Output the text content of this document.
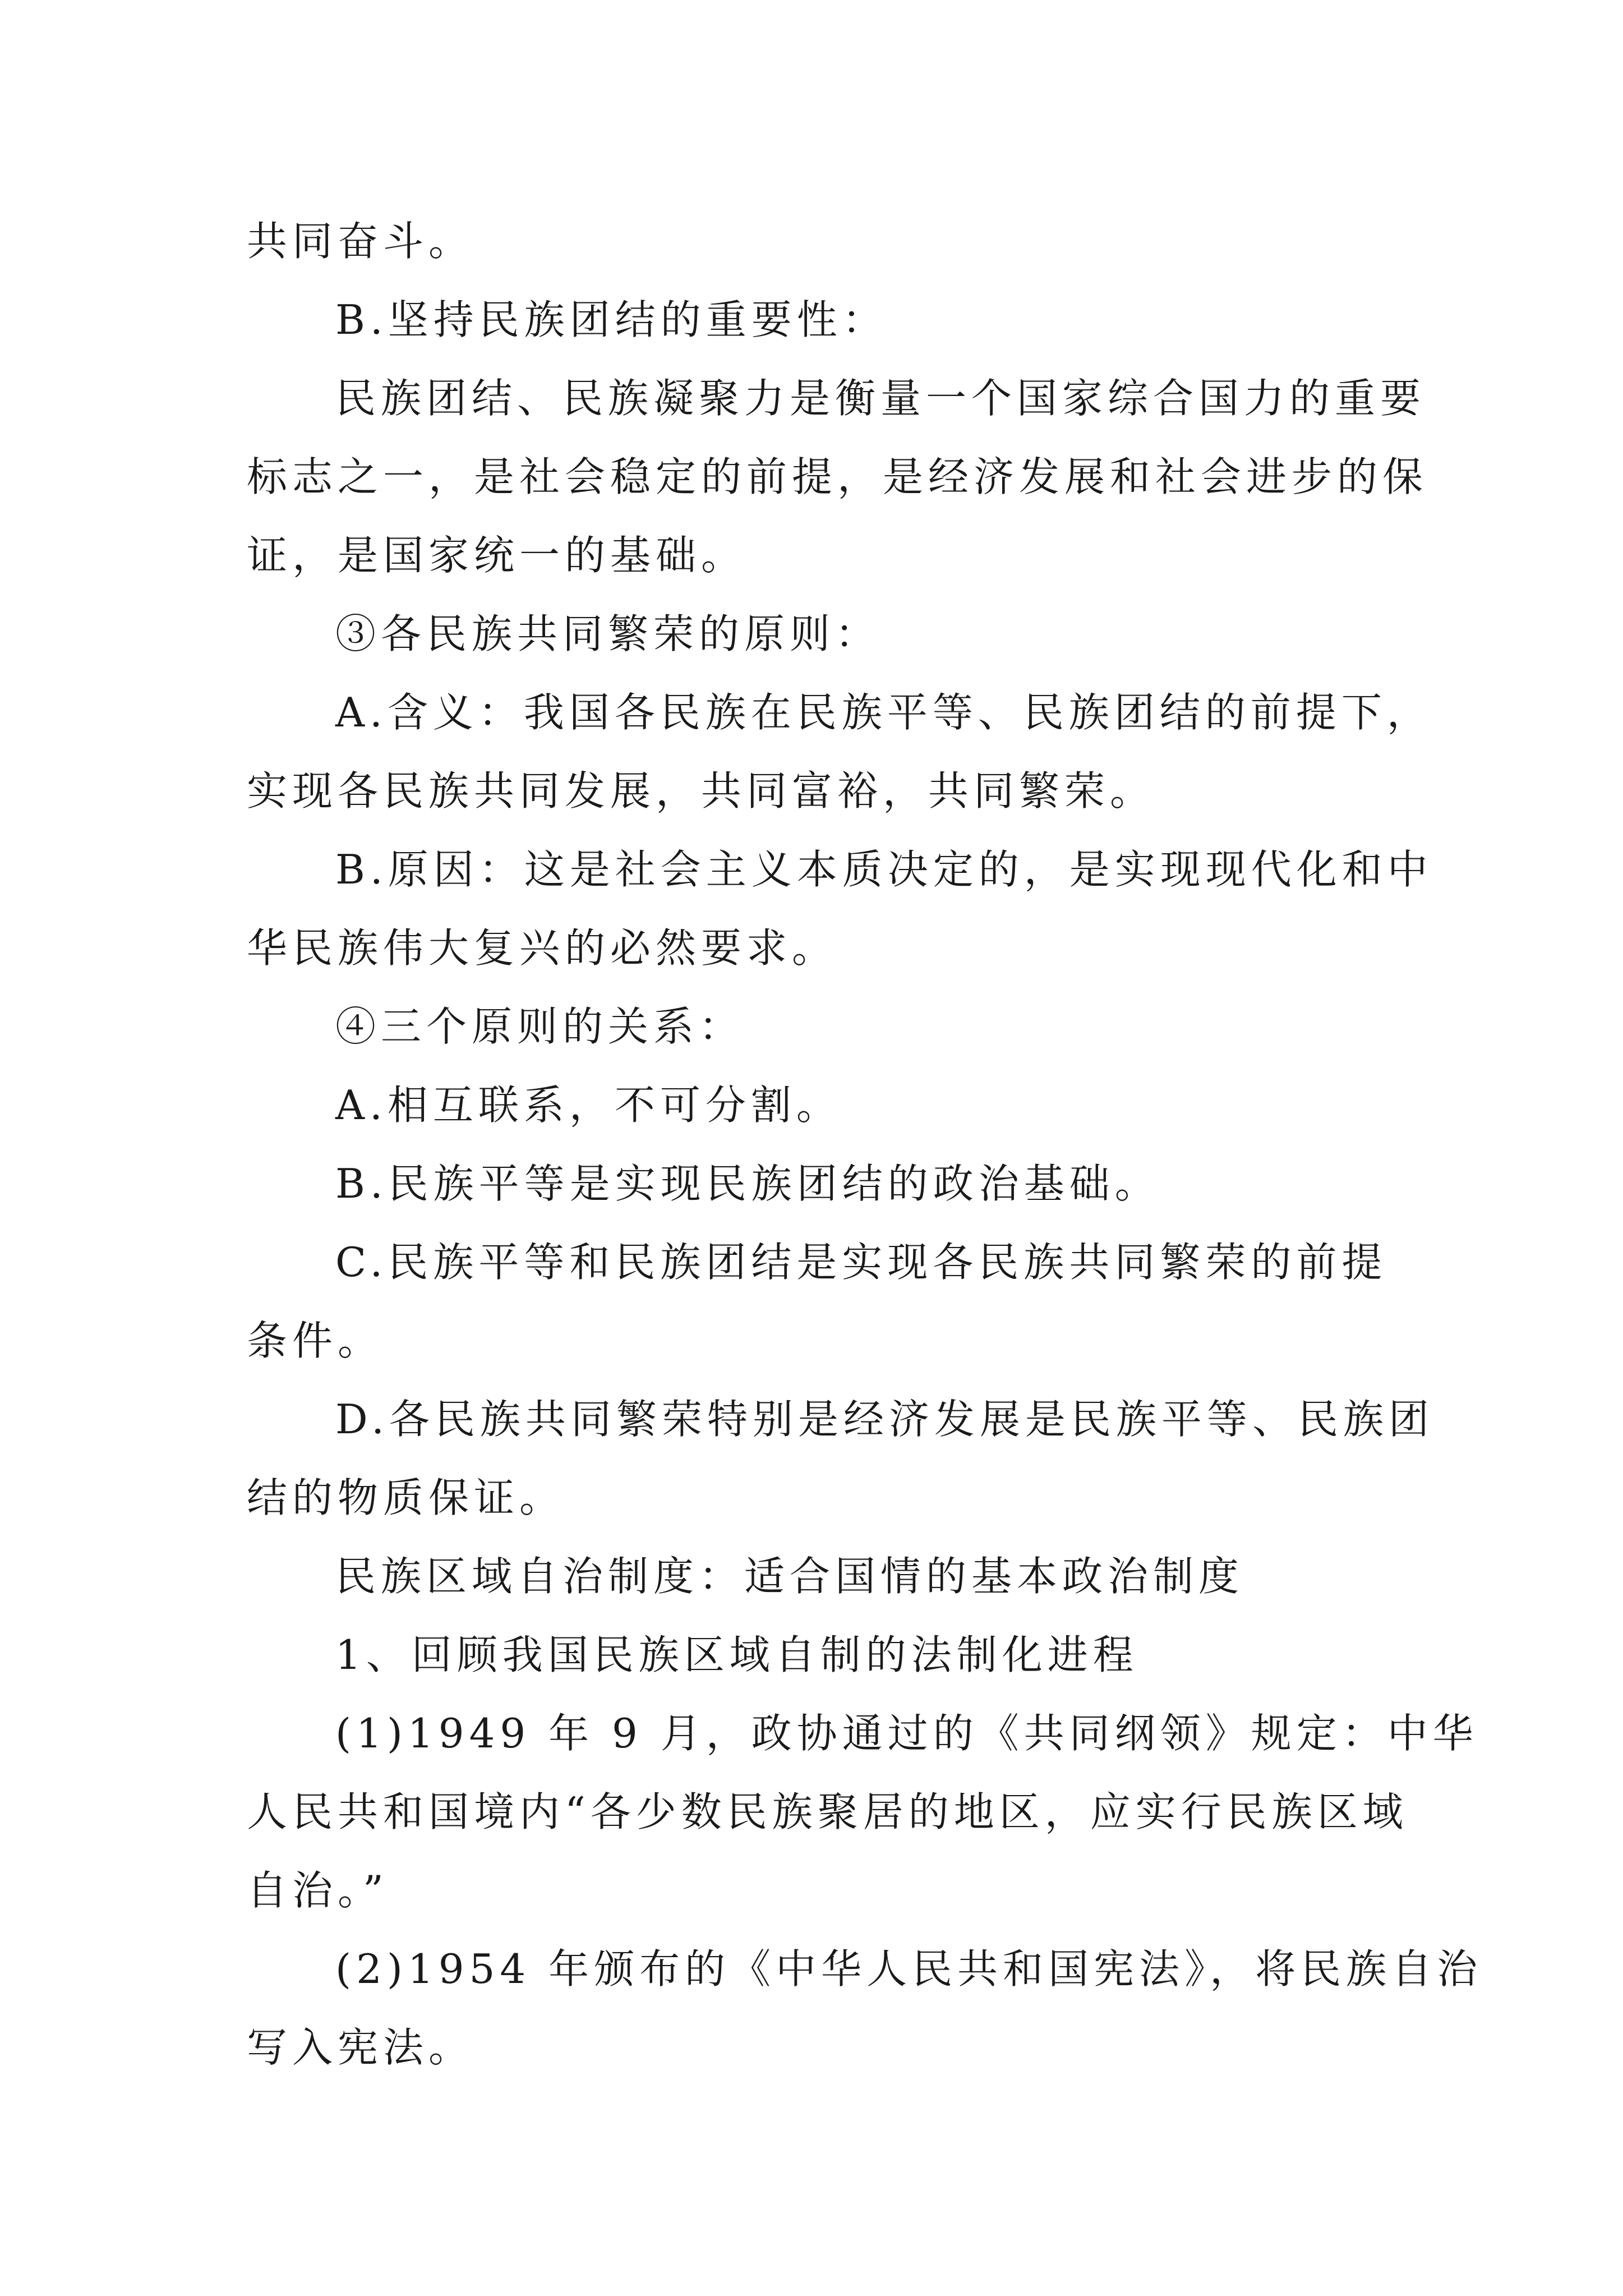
共同奋斗。
B.坚持民族团结的重要性：
民族团结、民族凝聚力是衡量一个国家综合国力的重要
标志之一，是社会稳定的前提，是经济发展和社会进步的保
证，是国家统一的基础。
③各民族共同繁荣的原则：
A.含义：我国各民族在民族平等、民族团结的前提下，
实现各民族共同发展，共同富裕，共同繁荣。
B.原因：这是社会主义本质决定的，是实现现代化和中
华民族伟大复兴的必然要求。
④三个原则的关系：
A.相互联系，不可分割。
B.民族平等是实现民族团结的政治基础。
C.民族平等和民族团结是实现各民族共同繁荣的前提
条件。
D.各民族共同繁荣特别是经济发展是民族平等、民族团
结的物质保证。
民族区域自治制度：适合国情的基本政治制度
1、回顾我国民族区域自制的法制化进程
(1)1949 年 9 月，政协通过的《共同纲领》规定：中华
人民共和国境内“各少数民族聚居的地区，应实行民族区域
自治。”
(2)1954 年颁布的《中华人民共和国宪法》，将民族自治
写入宪法。
